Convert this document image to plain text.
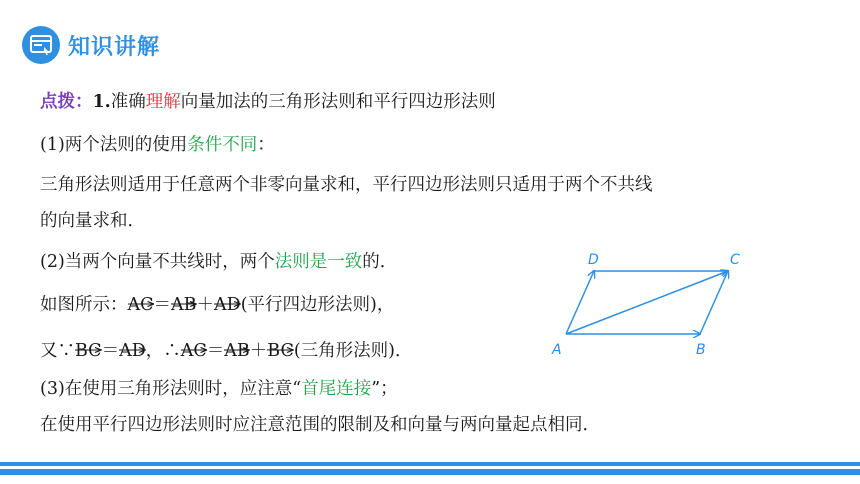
知识讲解
点拨：1.准确理解向量加法的三角形法则和平行四边形法则
(1)两个法则的使用条件不同：
三角形法则适用于任意两个非零向量求和，平行四边形法则只适用于两个不共线
的向量求和．
(2)当两个向量不共线时，两个法则是一致的．
如图所示：
AC＝
AB＋
AD(平行四边形法则)，
又∵
BC＝
AD，∴
AC＝
AB＋
BC(三角形法则)．
(3)在使用三角形法则时，应注意“首尾连接”；
在使用平行四边形法则时应注意范围的限制及和向量与两向量起点相同．
A	B
C
D
